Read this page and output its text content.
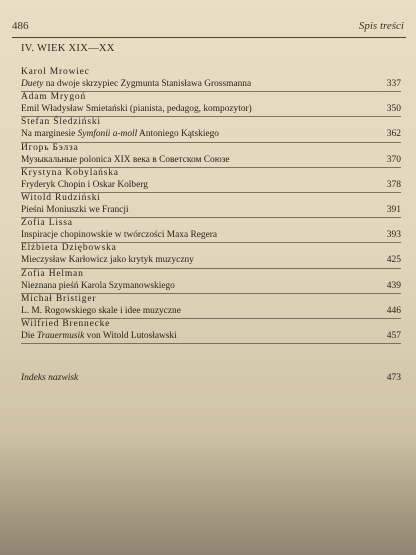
486	Spis treści
IV. WIEK XIX—XX
Karol Mrowiec
Duety na dwoje skrzypiec Zygmunta Stanisława Grossmanna	337
Adam Mrygoń
Emil Władysław Śmietański (pianista, pedagog, kompozytor)	350
Stefan Śledziński
Na marginesie Symfonii a-moll Antoniego Kątskiego	362
Игорь Бэлза
Музыкальные polonica XIX века в Советском Союзе	370
Krystyna Kobylańska
Fryderyk Chopin i Oskar Kolberg	378
Witold Rudziński
Pieśni Moniuszki we Francji	391
Zofia Lissa
Inspiracje chopinowskie w twórczości Maxa Regera	393
Elżbieta Dziębowska
Mieczysław Karłowicz jako krytyk muzyczny	425
Zofia Helman
Nieznana pieśń Karola Szymanowskiego	439
Michał Bristiger
L. M. Rogowskiego skale i idee muzyczne	446
Wilfried Brennecke
Die Trauermusik von Witold Lutosławski	457
Indeks nazwisk	473
